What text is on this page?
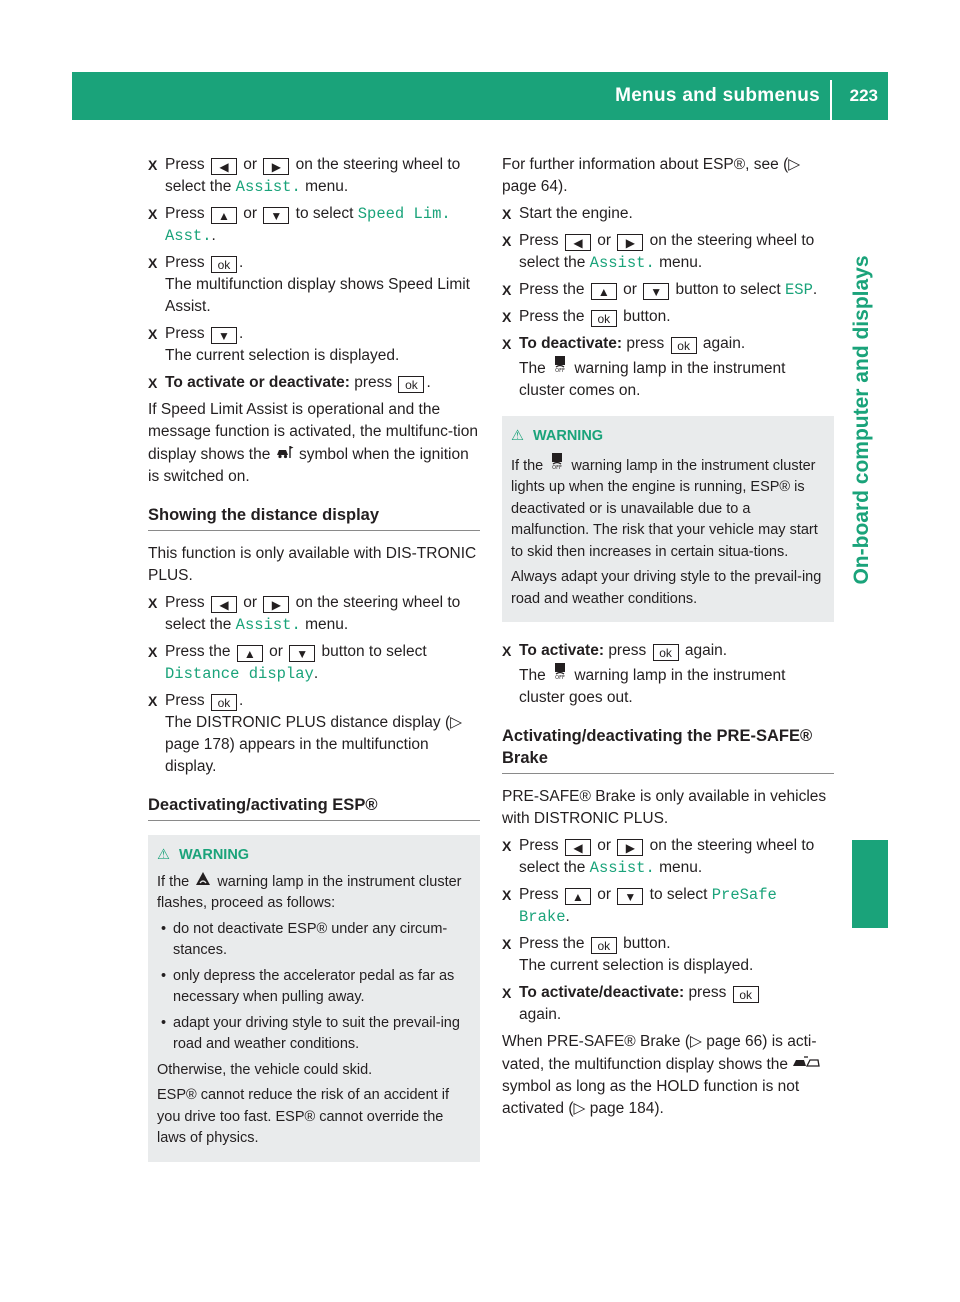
Menus and submenus 223
On-board computer and displays
X Press ◀ or ▶ on the steering wheel to select the Assist. menu.
X Press ▲ or ▼ to select Speed Lim. Asst..
X Press ok .
The multifunction display shows Speed Limit Assist.
X Press ▼ .
The current selection is displayed.
X To activate or deactivate: press ok .

If Speed Limit Assist is operational and the message function is activated, the multifunc-tion display shows the symbol when the ignition is switched on.

Showing the distance display

This function is only available with DIS-TRONIC PLUS.

X Press ◀ or ▶ on the steering wheel to select the Assist. menu.
X Press the ▲ or ▼ button to select Distance display.
X Press ok .
The DISTRONIC PLUS distance display (▷ page 178) appears in the multifunction display.
Deactivating/activating ESP®
⚠ WARNING

If the warning lamp in the instrument cluster flashes, proceed as follows:

• do not deactivate ESP® under any circum-stances.
• only depress the accelerator pedal as far as necessary when pulling away.
• adapt your driving style to suit the prevail-ing road and weather conditions.

Otherwise, the vehicle could skid.

ESP® cannot reduce the risk of an accident if you drive too fast. ESP® cannot override the laws of physics.

For further information about ESP®, see (▷ page 64).

X Start the engine.
X Press ◀ or ▶ on the steering wheel to select the Assist. menu.
X Press the ▲ or ▼ button to select ESP.
X Press the ok button.
X To deactivate: press ok again.
The OFF warning lamp in the instrument cluster comes on.
⚠ WARNING

If the OFF warning lamp in the instrument cluster lights up when the engine is running, ESP® is deactivated or is unavailable due to a malfunction. The risk that your vehicle may start to skid then increases in certain situa-tions.

Always adapt your driving style to the prevail-ing road and weather conditions.

X To activate: press ok again.
The OFF warning lamp in the instrument cluster goes out.
Activating/deactivating the PRE-SAFE® Brake

PRE-SAFE® Brake is only available in vehicles with DISTRONIC PLUS.

X Press ◀ or ▶ on the steering wheel to select the Assist. menu.
X Press ▲ or ▼ to select PreSafe Brake.
X Press the ok button.
The current selection is displayed.
X To activate/deactivate: press ok
again.

When PRE-SAFE® Brake (▷ page 66) is acti-vated, the multifunction display shows the  symbol as long as the HOLD function is not activated (▷ page 184).
